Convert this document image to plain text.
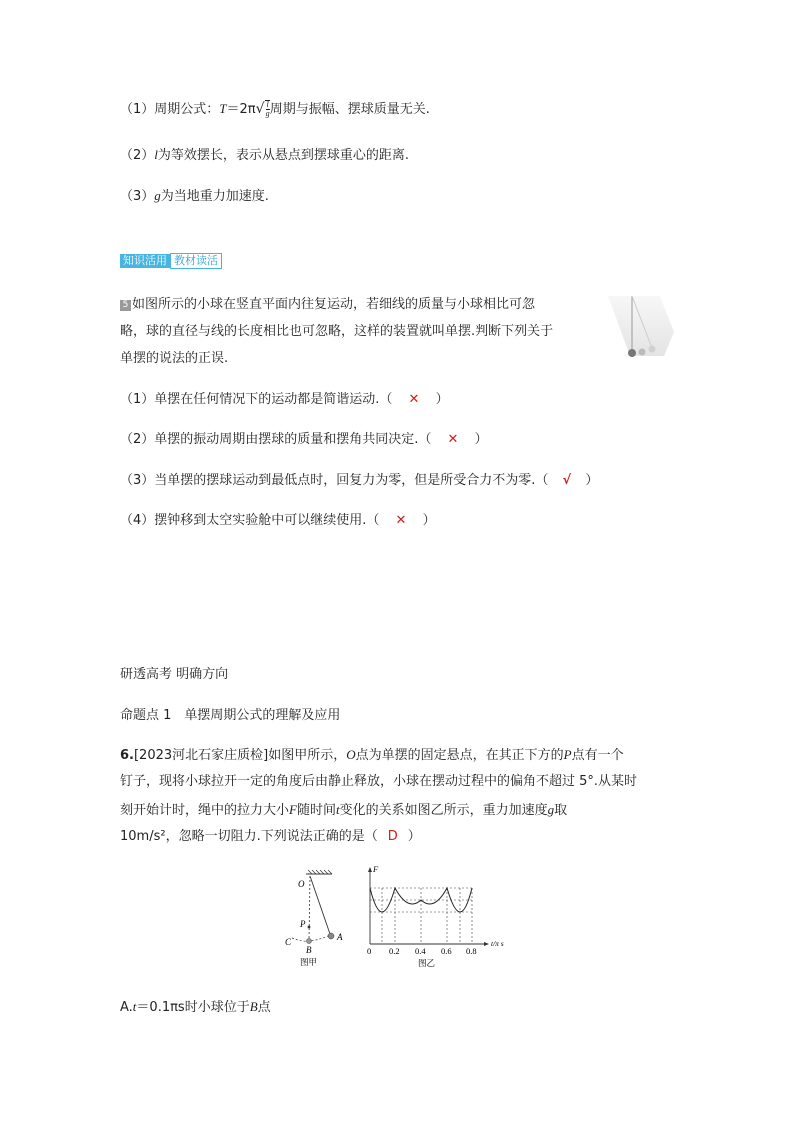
（1）周期公式：$T=2\pi√ \frac{l}{g}$ 周期与振幅、摆球质量无关.
（2）l为等效摆长，表示从悬点到摆球重心的距离.
（3）g为当地重力加速度.
知识活用 教材读活
5 如图所示的小球在竖直平面内往复运动，若细线的质量与小球相比可忽
略，球的直径与线的长度相比也可忽略，这样的装置就叫单摆.判断下列关于
单摆的说法的正误.
（1）单摆在任何情况下的运动都是简谐运动.（ ✕ ）
（2）单摆的振动周期由摆球的质量和摆角共同决定.（ ✕ ）
（3）当单摆的摆球运动到最低点时，回复力为零，但是所受合力不为零.（ √ ）
（4）摆钟移到太空实验舱中可以继续使用.（ ✕ ）
研透高考 明确方向
命题点 1　单摆周期公式的理解及应用
6.[2023河北石家庄质检]如图甲所示，O点为单摆的固定悬点，在其正下方的P点有一个
钉子，现将小球拉开一定的角度后由静止释放，小球在摆动过程中的偏角不超过 5°.从某时
刻开始计时，绳中的拉力大小F随时间t变化的关系如图乙所示，重力加速度g取
10m/s²，忽略一切阻力.下列说法正确的是（ D ）
O
P
C
B
A
图甲
F
0 0.2 0.4 0.6 0.8
t/π s
图乙
A.t＝0.1πs时小球位于B点
